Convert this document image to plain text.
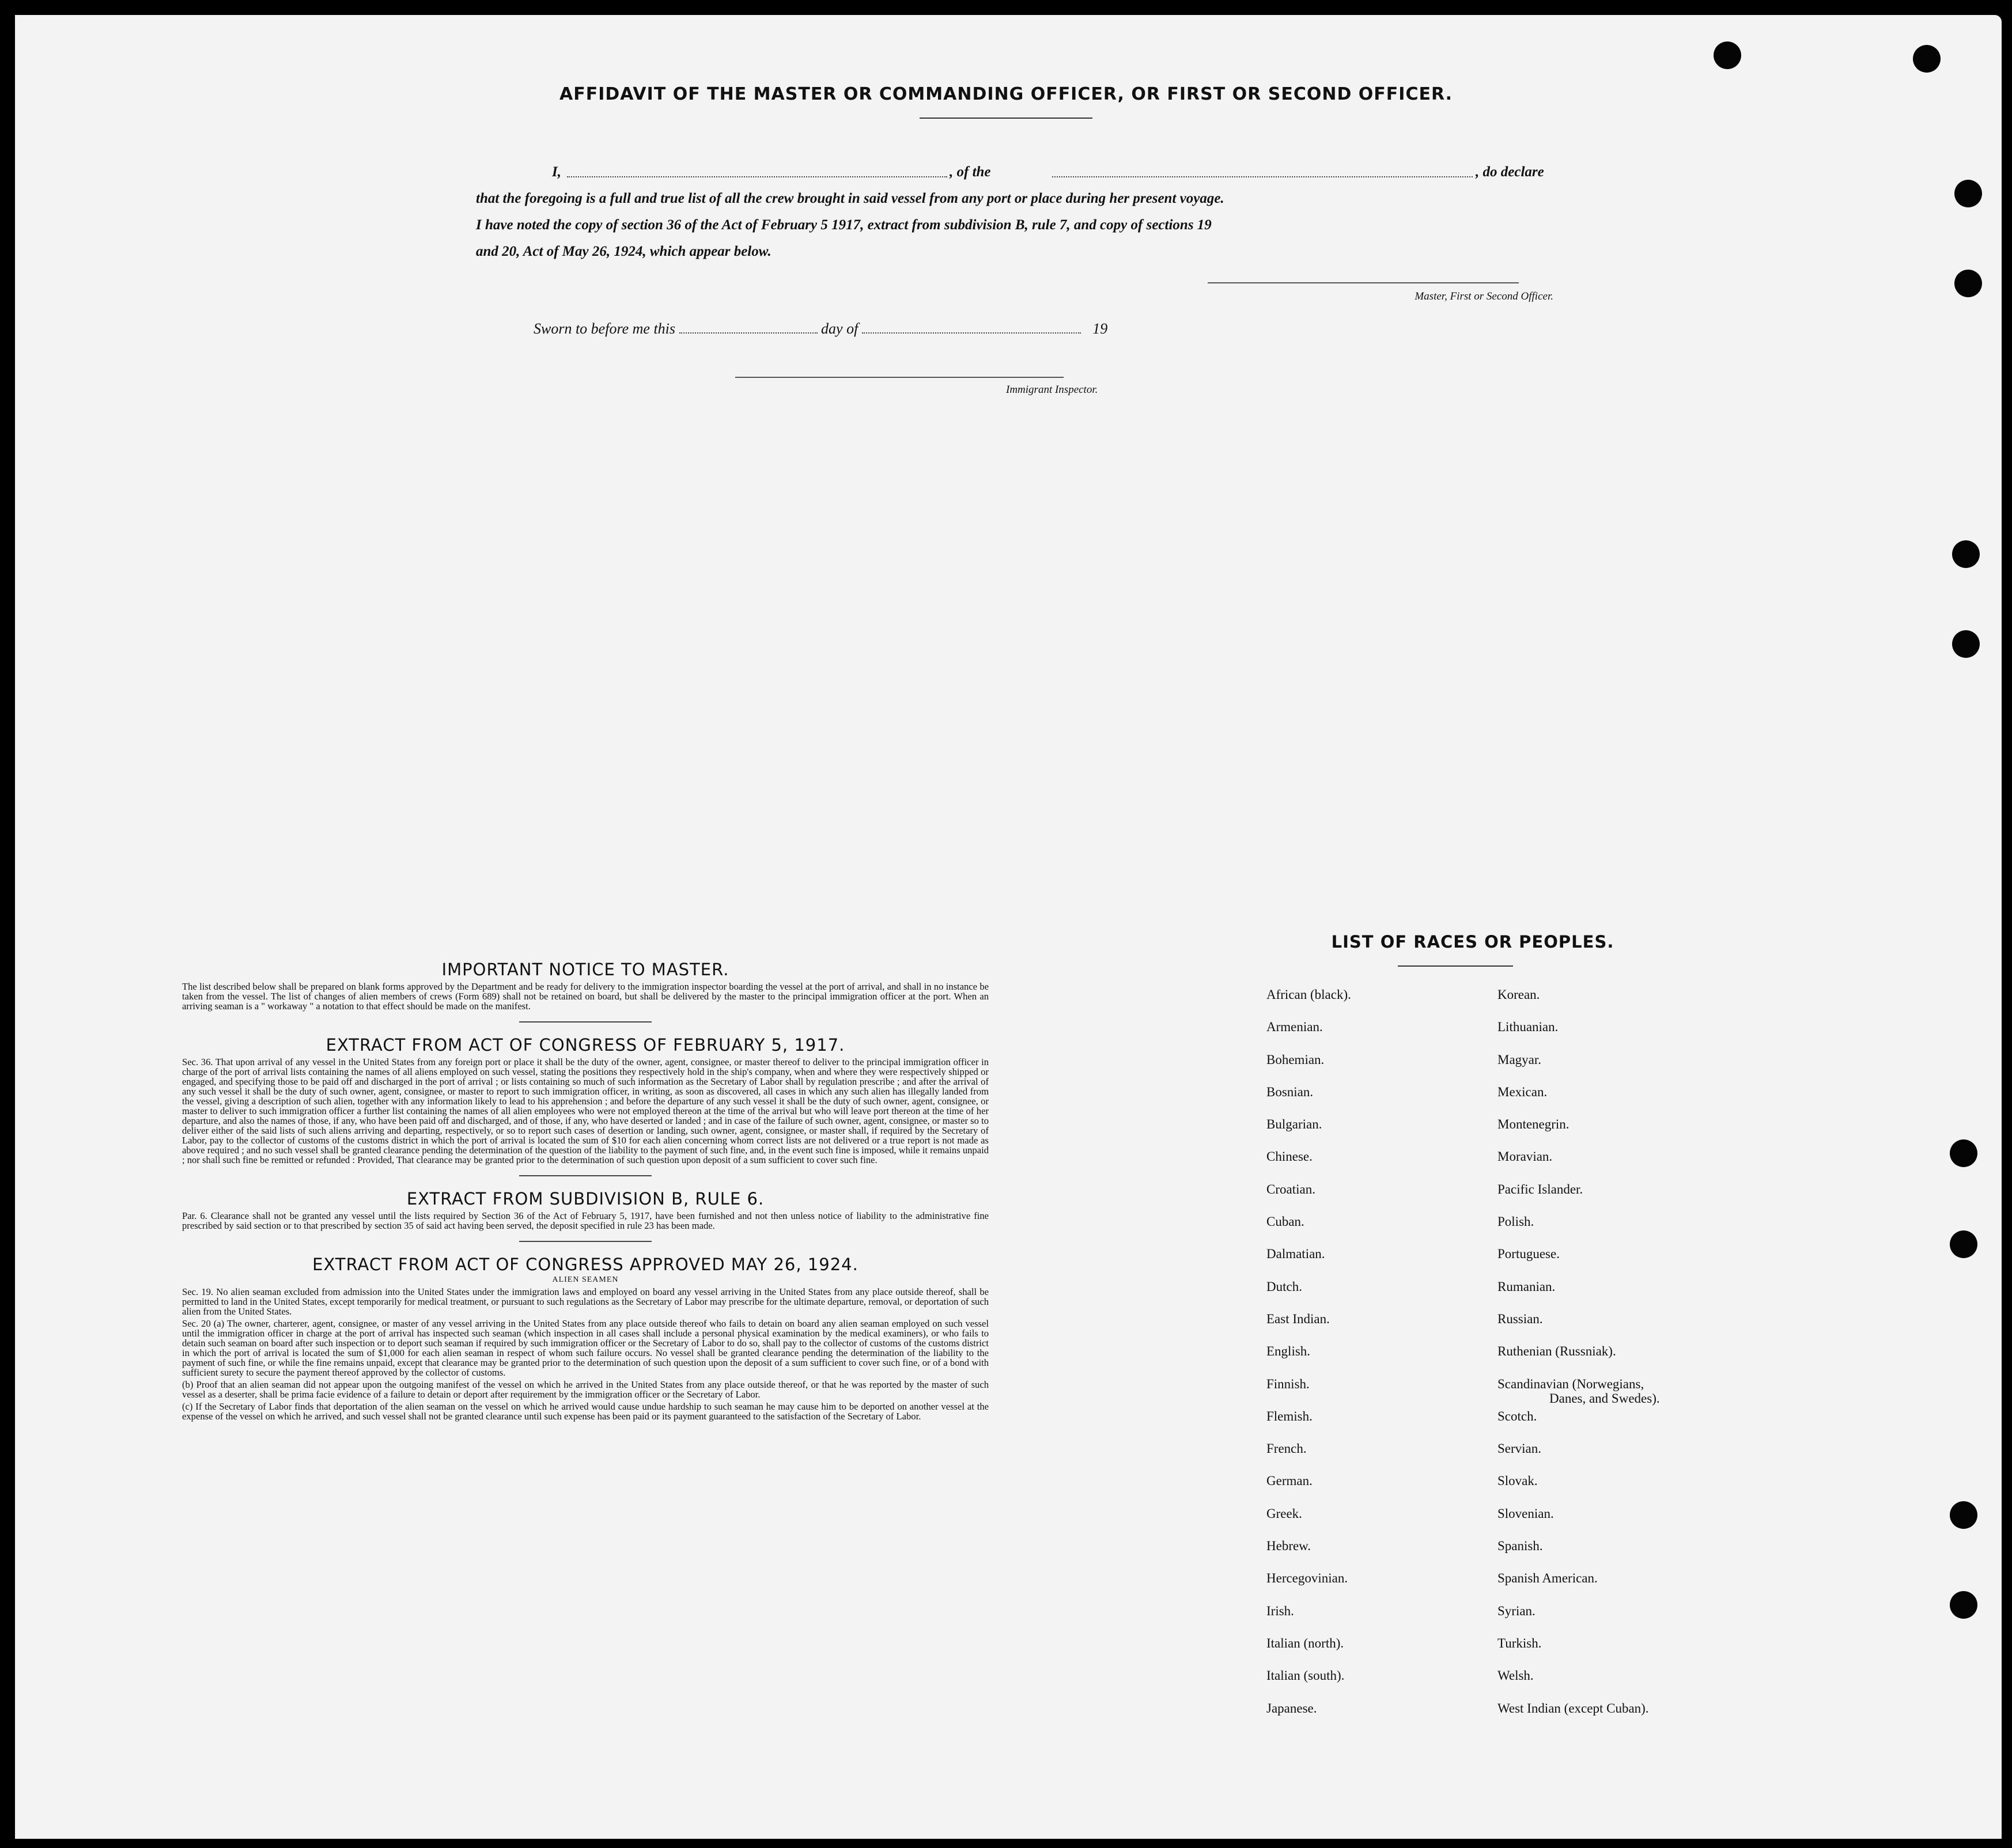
AFFIDAVIT OF THE MASTER OR COMMANDING OFFICER, OR FIRST OR SECOND OFFICER.
I,	, of the	, do declare
that the foregoing is a full and true list of all the crew brought in said vessel from any port or place during her present voyage.
I have noted the copy of section 36 of the Act of February 5 1917, extract from subdivision B, rule 7, and copy of sections 19
and 20, Act of May 26, 1924, which appear below.
Master, First or Second Officer.
Sworn to before me this	day of	19
Immigrant Inspector.

IMPORTANT NOTICE TO MASTER.

The list described below shall be prepared on blank forms approved by the Department and be ready for delivery to the immigration inspector boarding the vessel at the port of arrival, and shall in no instance be taken from the vessel. The list of changes of alien members of crews (Form 689) shall not be retained on board, but shall be delivered by the master to the principal immigration officer at the port. When an arriving seaman is a " workaway " a notation to that effect should be made on the manifest.

EXTRACT FROM ACT OF CONGRESS OF FEBRUARY 5, 1917.

Sec. 36. That upon arrival of any vessel in the United States from any foreign port or place it shall be the duty of the owner, agent, consignee, or master thereof to deliver to the principal immigration officer in charge of the port of arrival lists containing the names of all aliens employed on such vessel, stating the positions they respectively hold in the ship's company, when and where they were respectively shipped or engaged, and specifying those to be paid off and discharged in the port of arrival ; or lists containing so much of such information as the Secretary of Labor shall by regulation prescribe ; and after the arrival of any such vessel it shall be the duty of such owner, agent, consignee, or master to report to such immigration officer, in writing, as soon as discovered, all cases in which any such alien has illegally landed from the vessel, giving a description of such alien, together with any information likely to lead to his apprehension ; and before the departure of any such vessel it shall be the duty of such owner, agent, consignee, or master to deliver to such immigration officer a further list containing the names of all alien employees who were not employed thereon at the time of the arrival but who will leave port thereon at the time of her departure, and also the names of those, if any, who have been paid off and discharged, and of those, if any, who have deserted or landed ; and in case of the failure of such owner, agent, consignee, or master so to deliver either of the said lists of such aliens arriving and departing, respectively, or so to report such cases of desertion or landing, such owner, agent, consignee, or master shall, if required by the Secretary of Labor, pay to the collector of customs of the customs district in which the port of arrival is located the sum of $10 for each alien concerning whom correct lists are not delivered or a true report is not made as above required ; and no such vessel shall be granted clearance pending the determination of the question of the liability to the payment of such fine, and, in the event such fine is imposed, while it remains unpaid ; nor shall such fine be remitted or refunded : Provided, That clearance may be granted prior to the determination of such question upon deposit of a sum sufficient to cover such fine.

EXTRACT FROM SUBDIVISION B, RULE 6.

Par. 6. Clearance shall not be granted any vessel until the lists required by Section 36 of the Act of February 5, 1917, have been furnished and not then unless notice of liability to the administrative fine prescribed by said section or to that prescribed by section 35 of said act having been served, the deposit specified in rule 23 has been made.

EXTRACT FROM ACT OF CONGRESS APPROVED MAY 26, 1924.

ALIEN SEAMEN

Sec. 19. No alien seaman excluded from admission into the United States under the immigration laws and employed on board any vessel arriving in the United States from any place outside thereof, shall be permitted to land in the United States, except temporarily for medical treatment, or pursuant to such regulations as the Secretary of Labor may prescribe for the ultimate departure, removal, or deportation of such alien from the United States.

Sec. 20 (a) The owner, charterer, agent, consignee, or master of any vessel arriving in the United States from any place outside thereof who fails to detain on board any alien seaman employed on such vessel until the immigration officer in charge at the port of arrival has inspected such seaman (which inspection in all cases shall include a personal physical examination by the medical examiners), or who fails to detain such seaman on board after such inspection or to deport such seaman if required by such immigration officer or the Secretary of Labor to do so, shall pay to the collector of customs of the customs district in which the port of arrival is located the sum of $1,000 for each alien seaman in respect of whom such failure occurs. No vessel shall be granted clearance pending the determination of the liability to the payment of such fine, or while the fine remains unpaid, except that clearance may be granted prior to the determination of such question upon the deposit of a sum sufficient to cover such fine, or of a bond with sufficient surety to secure the payment thereof approved by the collector of customs.

(b) Proof that an alien seaman did not appear upon the outgoing manifest of the vessel on which he arrived in the United States from any place outside thereof, or that he was reported by the master of such vessel as a deserter, shall be prima facie evidence of a failure to detain or deport after requirement by the immigration officer or the Secretary of Labor.

(c) If the Secretary of Labor finds that deportation of the alien seaman on the vessel on which he arrived would cause undue hardship to such seaman he may cause him to be deported on another vessel at the expense of the vessel on which he arrived, and such vessel shall not be granted clearance until such expense has been paid or its payment guaranteed to the satisfaction of the Secretary of Labor.

LIST OF RACES OR PEOPLES.
African (black).
Armenian.
Bohemian.
Bosnian.
Bulgarian.
Chinese.
Croatian.
Cuban.
Dalmatian.
Dutch.
East Indian.
English.
Finnish.
Flemish.
French.
German.
Greek.
Hebrew.
Hercegovinian.
Irish.
Italian (north).
Italian (south).
Japanese.
Korean.
Lithuanian.
Magyar.
Mexican.
Montenegrin.
Moravian.
Pacific Islander.
Polish.
Portuguese.
Rumanian.
Russian.
Ruthenian (Russniak).
Scandinavian (Norwegians,
Danes, and Swedes).
Scotch.
Servian.
Slovak.
Slovenian.
Spanish.
Spanish American.
Syrian.
Turkish.
Welsh.
West Indian (except Cuban).
